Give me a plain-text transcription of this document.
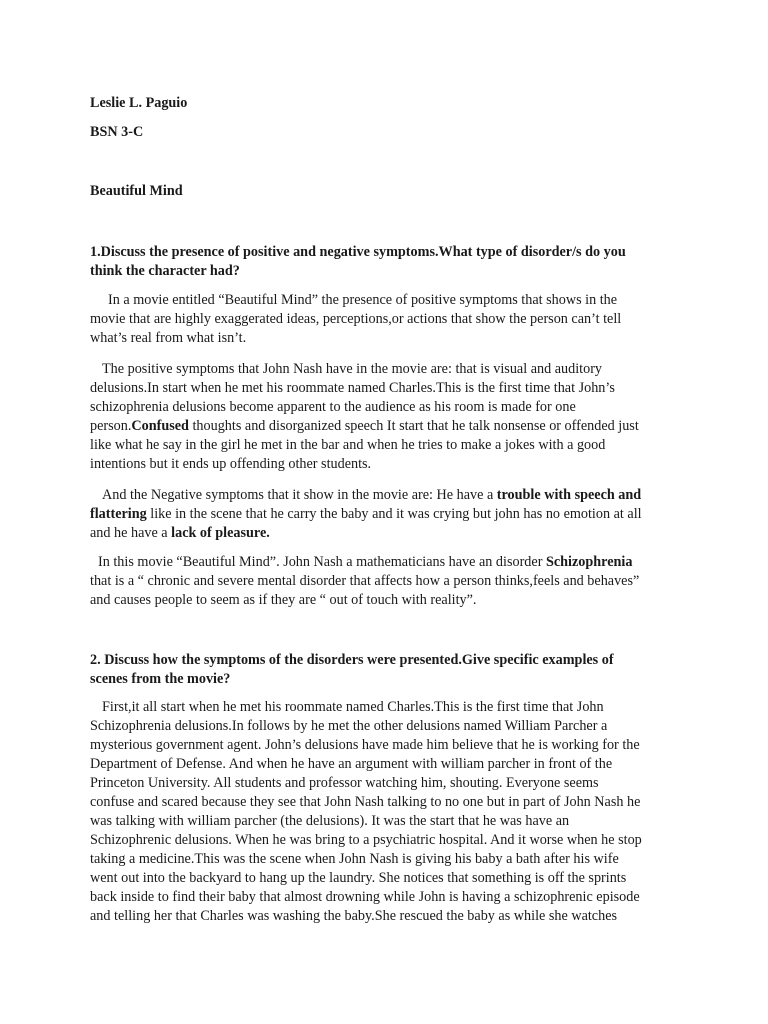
Leslie L. Paguio
BSN 3-C
Beautiful Mind
1.Discuss the presence of positive and negative symptoms.What type of disorder/s do you
think the character had?
In a movie entitled “Beautiful Mind” the presence of positive symptoms that shows in the
movie that are highly exaggerated ideas, perceptions,or actions that show the person can’t tell
what’s real from what isn’t.
The positive symptoms that John Nash have in the movie are: that is visual and auditory
delusions.In start when he met his roommate named Charles.This is the first time that John’s
schizophrenia delusions become apparent to the audience as his room is made for one
person.Confused thoughts and disorganized speech It start that he talk nonsense or offended just
like what he say in the girl he met in the bar and when he tries to make a jokes with a good
intentions but it ends up offending other students.
And the Negative symptoms that it show in the movie are: He have a trouble with speech and
flattering like in the scene that he carry the baby and it was crying but john has no emotion at all
and he have a lack of pleasure.
In this movie “Beautiful Mind”. John Nash a mathematicians have an disorder Schizophrenia
that is a “ chronic and severe mental disorder that affects how a person thinks,feels and behaves”
and causes people to seem as if they are “ out of touch with reality”.
2. Discuss how the symptoms of the disorders were presented.Give specific examples of
scenes from the movie?
First,it all start when he met his roommate named Charles.This is the first time that John
Schizophrenia delusions.In follows by he met the other delusions named William Parcher a
mysterious government agent. John’s delusions have made him believe that he is working for the
Department of Defense. And when he have an argument with william parcher in front of the
Princeton University. All students and professor watching him, shouting. Everyone seems
confuse and scared because they see that John Nash talking to no one but in part of John Nash he
was talking with william parcher (the delusions). It was the start that he was have an
Schizophrenic delusions. When he was bring to a psychiatric hospital. And it worse when he stop
taking a medicine.This was the scene when John Nash is giving his baby a bath after his wife
went out into the backyard to hang up the laundry. She notices that something is off the sprints
back inside to find their baby that almost drowning while John is having a schizophrenic episode
and telling her that Charles was washing the baby.She rescued the baby as while she watches
